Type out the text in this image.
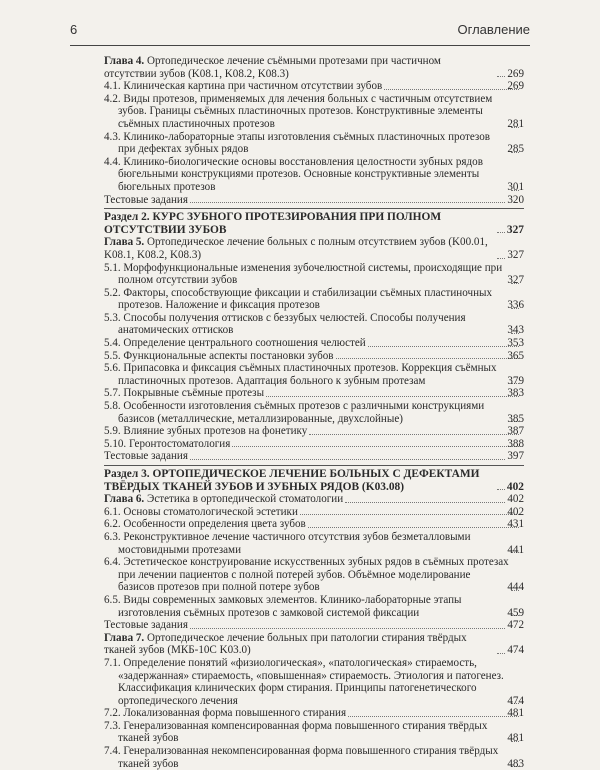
6	Оглавление
Глава 4. Ортопедическое лечение съёмными протезами при частичном отсутствии зубов (K08.1, K08.2, K08.3)	269
4.1. Клиническая картина при частичном отсутствии зубов	269
4.2. Виды протезов, применяемых для лечения больных с частичным отсутствием зубов. Границы съёмных пластиночных протезов. Конструктивные элементы съёмных пластиночных протезов	281
4.3. Клинико-лабораторные этапы изготовления съёмных пластиночных протезов при дефектах зубных рядов	285
4.4. Клинико-биологические основы восстановления целостности зубных рядов бюгельными конструкциями протезов. Основные конструктивные элементы бюгельных протезов	301
Тестовые задания	320
Раздел 2. КУРС ЗУБНОГО ПРОТЕЗИРОВАНИЯ ПРИ ПОЛНОМ ОТСУТСТВИИ ЗУБОВ	327
Глава 5. Ортопедическое лечение больных с полным отсутствием зубов (K00.01, K08.1, K08.2, K08.3)	327
5.1. Морфофункциональные изменения зубочелюстной системы, происходящие при полном отсутствии зубов	327
5.2. Факторы, способствующие фиксации и стабилизации съёмных пластиночных протезов. Наложение и фиксация протезов	336
5.3. Способы получения оттисков с беззубых челюстей. Способы получения анатомических оттисков	343
5.4. Определение центрального соотношения челюстей	353
5.5. Функциональные аспекты постановки зубов	365
5.6. Припасовка и фиксация съёмных пластиночных протезов. Коррекция съёмных пластиночных протезов. Адаптация больного к зубным протезам	379
5.7. Покрывные съёмные протезы	383
5.8. Особенности изготовления съёмных протезов с различными конструкциями базисов (металлические, металлизированные, двухслойные)	385
5.9. Влияние зубных протезов на фонетику	387
5.10. Геронтостоматология	388
Тестовые задания	397
Раздел 3. ОРТОПЕДИЧЕСКОЕ ЛЕЧЕНИЕ БОЛЬНЫХ С ДЕФЕКТАМИ ТВЁРДЫХ ТКАНЕЙ ЗУБОВ И ЗУБНЫХ РЯДОВ (K03.08)	402
Глава 6. Эстетика в ортопедической стоматологии	402
6.1. Основы стоматологической эстетики	402
6.2. Особенности определения цвета зубов	431
6.3. Реконструктивное лечение частичного отсутствия зубов безметалловыми мостовидными протезами	441
6.4. Эстетическое конструирование искусственных зубных рядов в съёмных протезах при лечении пациентов с полной потерей зубов. Объёмное моделирование базисов протезов при полной потере зубов	444
6.5. Виды современных замковых элементов. Клинико-лабораторные этапы изготовления съёмных протезов с замковой системой фиксации	459
Тестовые задания	472
Глава 7. Ортопедическое лечение больных при патологии стирания твёрдых тканей зубов (МКБ-10С K03.0)	474
7.1. Определение понятий «физиологическая», «патологическая» стираемость, «задержанная» стираемость, «повышенная» стираемость. Этиология и патогенез. Классификация клинических форм стирания. Принципы патогенетического ортопедического лечения	474
7.2. Локализованная форма повышенного стирания	481
7.3. Генерализованная компенсированная форма повышенного стирания твёрдых тканей зубов	481
7.4. Генерализованная некомпенсированная форма повышенного стирания твёрдых тканей зубов	483
